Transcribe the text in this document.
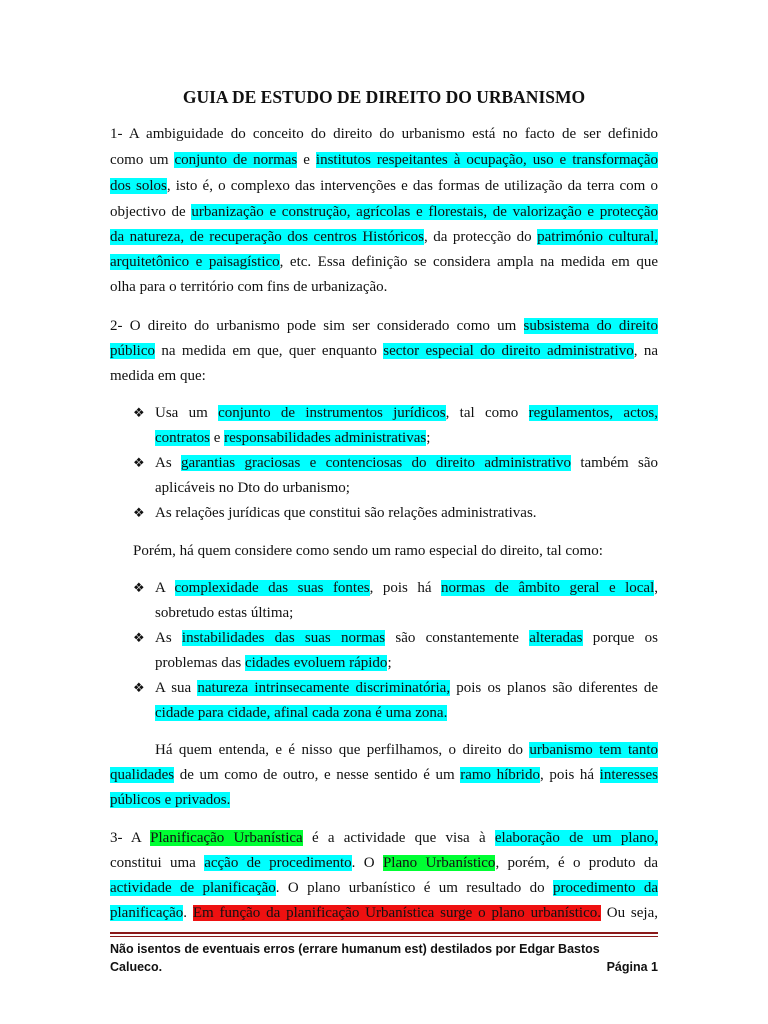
GUIA DE ESTUDO DE DIREITO DO URBANISMO
1- A ambiguidade do conceito do direito do urbanismo está no facto de ser definido
como um conjunto de normas e institutos respeitantes à ocupação, uso e transformação
dos solos, isto é, o complexo das intervenções e das formas de utilização da terra com o
objectivo de urbanização e construção, agrícolas e florestais, de valorização e protecção
da natureza, de recuperação dos centros Históricos, da protecção do património cultural,
arquitetônico e paisagístico, etc. Essa definição se considera ampla na medida em que
olha para o território com fins de urbanização.
2- O direito do urbanismo pode sim ser considerado como um subsistema do direito
público na medida em que, quer enquanto sector especial do direito administrativo, na
medida em que:
❖ Usa um conjunto de instrumentos jurídicos, tal como regulamentos, actos,
contratos e responsabilidades administrativas;
❖ As garantias graciosas e contenciosas do direito administrativo também são
aplicáveis no Dto do urbanismo;
❖ As relações jurídicas que constitui são relações administrativas.
Porém, há quem considere como sendo um ramo especial do direito, tal como:
❖ A complexidade das suas fontes, pois há normas de âmbito geral e local,
sobretudo estas última;
❖ As instabilidades das suas normas são constantemente alteradas porque os
problemas das cidades evoluem rápido;
❖ A sua natureza intrinsecamente discriminatória, pois os planos são diferentes de
cidade para cidade, afinal cada zona é uma zona.
Há quem entenda, e é nisso que perfilhamos, o direito do urbanismo tem tanto
qualidades de um como de outro, e nesse sentido é um ramo híbrido, pois há interesses
públicos e privados.
3- A Planificação Urbanística é a actividade que visa à elaboração de um plano,
constitui uma acção de procedimento. O Plano Urbanístico, porém, é o produto da
actividade de planificação. O plano urbanístico é um resultado do procedimento da
planificação. Em função da planificação Urbanística surge o plano urbanístico. Ou seja,
Não isentos de eventuais erros (errare humanum est) destilados por Edgar Bastos
Calueco.	Página 1
